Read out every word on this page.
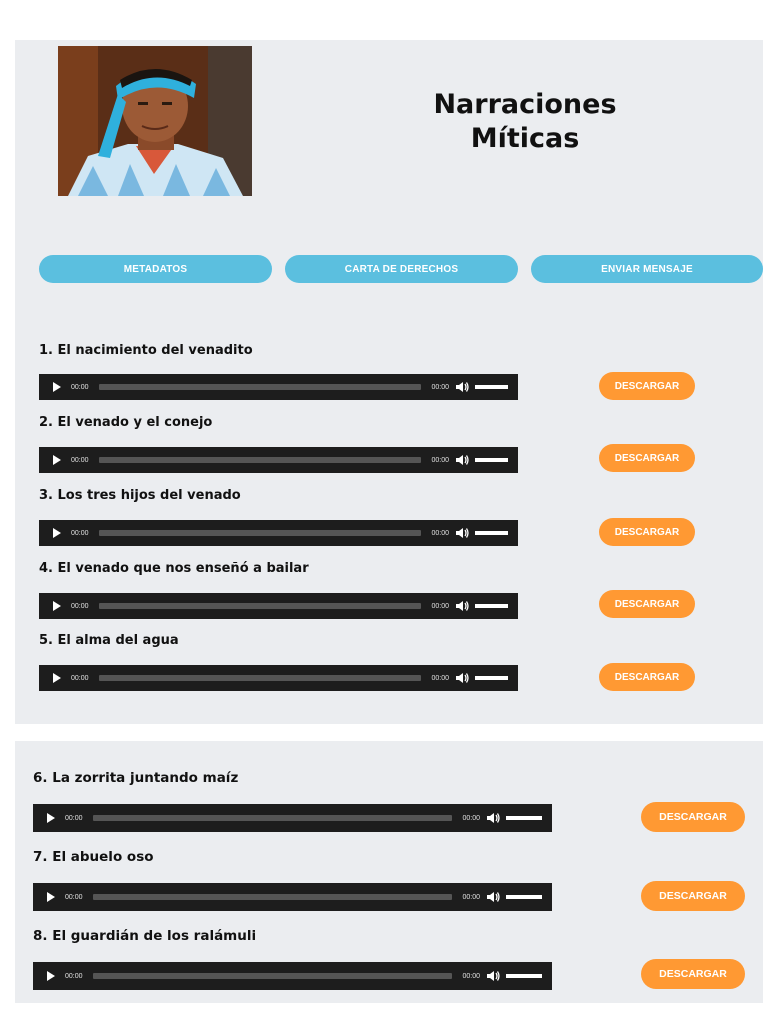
Narraciones
Míticas
METADATOS	CARTA DE DERECHOS	ENVIAR MENSAJE
1. El nacimiento del venadito
00:00	00:00	DESCARGAR
2. El venado y el conejo
00:00	00:00	DESCARGAR
3. Los tres hijos del venado
00:00	00:00	DESCARGAR
4. El venado que nos enseñó a bailar
00:00	00:00	DESCARGAR
5. El alma del agua
00:00	00:00	DESCARGAR
6. La zorrita juntando maíz
00:00	00:00	DESCARGAR
7. El abuelo oso
00:00	00:00	DESCARGAR
8. El guardián de los ralámuli
00:00	00:00	DESCARGAR
